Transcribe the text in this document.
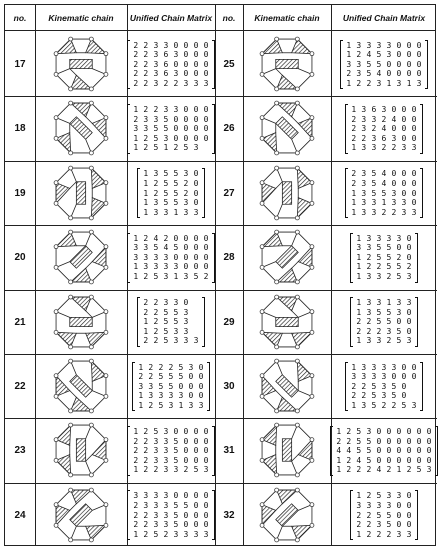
no.	Kinematic chain	Unified Chain Matrix	no.	Kinematic chain	Unified Chain Matrix
17
2 2 3 3 0 0 0 0
2 2 3 6 3 0 0 0
2 2 3 6 0 0 0 0
2 2 3 6 3 0 0 0
2 2 3 2 2 3 3 3
18
1 2 2 3 3 0 0 0
2 3 3 5 0 0 0 0
3 3 5 5 0 0 0 0
1 2 5 3 0 0 0 0
1 2 5 1 2 5 3
19
1 3 5 5 3 0
1 2 5 5 2 0
1 2 5 5 2 0
1 3 5 5 3 0
1 3 3 1 3 3
20
1 2 4 2 0 0 0 0
3 3 5 4 5 0 0 0
3 3 3 3 0 0 0 0
1 3 3 3 3 0 0 0
1 2 5 3 1 3 5 2
21
2 2 3 3 0
2 2 5 5 3
1 2 5 5 3
1 2 5 3 3
2 2 5 3 3 3
22
1 2 2 2 5 3 0
2 2 5 5 5 0 0
3 3 5 5 0 0 0
1 3 3 3 3 0 0
1 2 5 3 1 3 3
23
1 2 5 3 0 0 0 0
2 2 3 3 5 0 0 0
2 2 3 3 5 0 0 0
2 2 3 3 5 0 0 0
1 2 2 3 3 2 5 3
24
3 3 3 3 0 0 0 0
2 3 3 3 5 5 0 0
2 2 3 3 5 0 0 0
2 2 3 3 5 0 0 0
1 2 5 2 3 3 3 3
25
1 3 3 3 3 0 0 0
1 2 4 5 3 0 0 0
3 3 5 5 0 0 0 0
2 3 5 4 0 0 0 0
1 2 2 3 1 3 1 3
26
1 3 6 3 0 0 0
2 3 3 2 4 0 0
2 3 2 4 0 0 0
2 2 3 6 3 0 0
1 3 3 2 2 3 3
27
2 3 5 4 0 0 0
2 3 5 4 0 0 0
1 3 5 5 3 0 0
1 3 3 1 3 3 0
1 3 3 2 2 3 3
28
1 3 3 3 3 0
3 3 5 5 0 0
1 2 5 5 2 0
1 2 2 5 5 2
1 3 3 2 5 3
29
1 3 3 1 3 3
1 3 5 5 3 0
2 2 5 5 0 0
2 2 2 3 5 0
1 3 3 2 5 3
30
1 3 3 3 3 0 0
3 3 3 3 0 0 0
2 2 5 3 5 0
2 2 5 3 5 0
1 3 5 2 2 5 3
31
1 2 5 3 0 0 0 0 0 0
2 2 5 5 0 0 0 0 0 0
4 4 5 5 0 0 0 0 0 0
1 2 4 5 0 0 0 0 0 0
1 2 2 2 4 2 1 2 5 3
32
1 2 5 3 3 0
3 3 3 3 0 0
2 2 5 5 0 0
2 2 3 5 0 0
1 2 2 2 3 3
